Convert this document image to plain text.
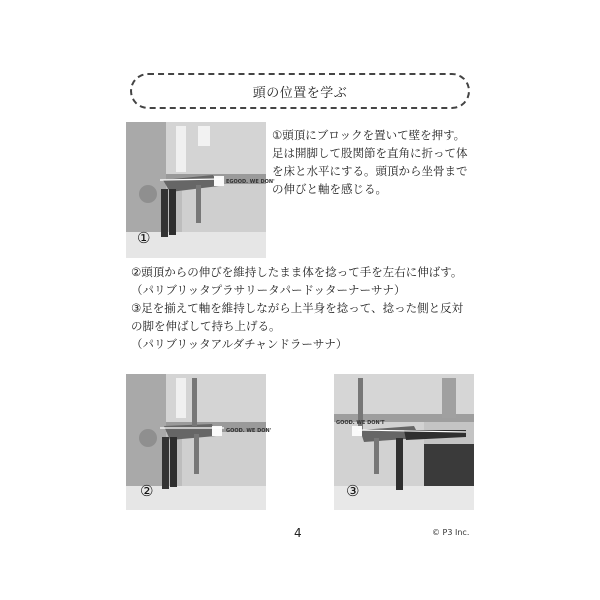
頭の位置を学ぶ
EGOOD. WE DON'
①

①頭頂にブロックを置いて壁を押す。

足は開脚して股関節を直角に折って体

を床と水平にする。頭頂から坐骨まで

の伸びと軸を感じる。

②頭頂からの伸びを維持したまま体を捻って手を左右に伸ばす。

（パリブリッタプラサリータパードッターナーサナ）

③足を揃えて軸を維持しながら上半身を捻って、捻った側と反対

の脚を伸ばして持ち上げる。

（パリブリッタアルダチャンドラーサナ）

GOOD. WE DON'
②
GOOD. WE DON'T
③
4	© P3 Inc.
